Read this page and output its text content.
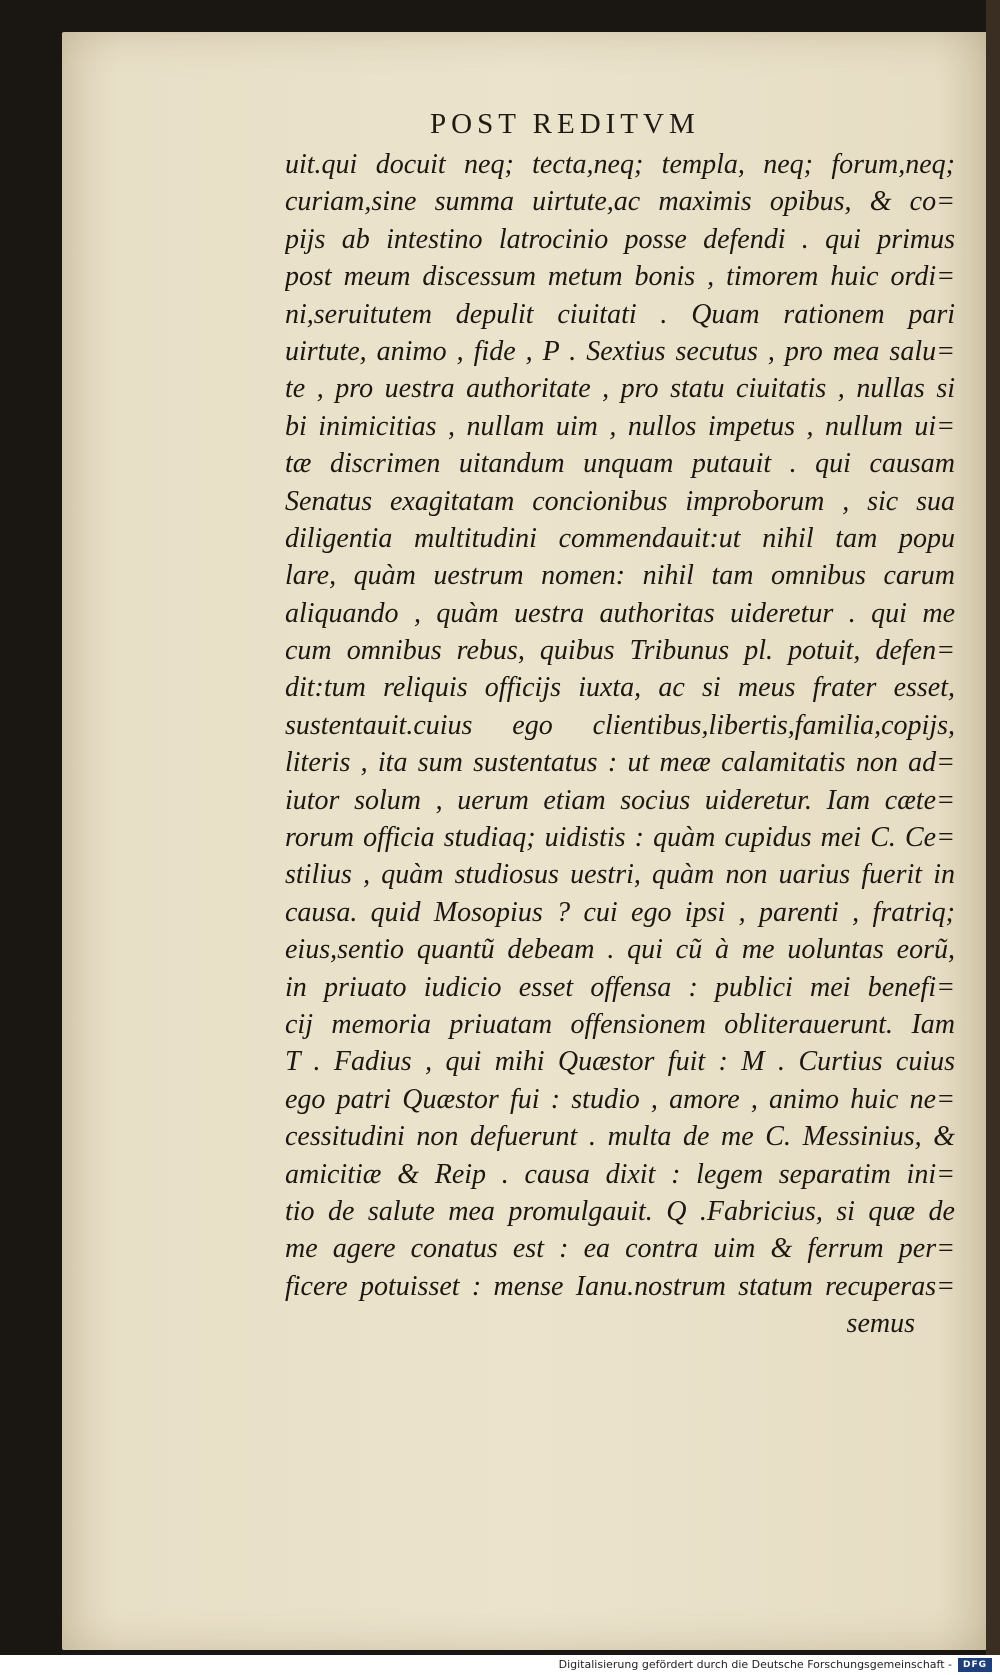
POST REDITVM
uit.qui docuit neq; tecta,neq; templa, neq; forum,neq;
curiam,sine summa uirtute,ac maximis opibus, & co=
pijs ab intestino latrocinio posse defendi . qui primus
post meum discessum metum bonis , timorem huic ordi=
ni,seruitutem depulit ciuitati . Quam rationem pari
uirtute, animo , fide , P . Sextius secutus , pro mea salu=
te , pro uestra authoritate , pro statu ciuitatis , nullas si
bi inimicitias , nullam uim , nullos impetus , nullum ui=
tæ discrimen uitandum unquam putauit . qui causam
Senatus exagitatam concionibus improborum , sic sua
diligentia multitudini commendauit:ut nihil tam popu
lare, quàm uestrum nomen: nihil tam omnibus carum
aliquando , quàm uestra authoritas uideretur . qui me
cum omnibus rebus, quibus Tribunus pl. potuit, defen=
dit:tum reliquis officijs iuxta, ac si meus frater esset,
sustentauit.cuius ego clientibus,libertis,familia,copijs,
literis , ita sum sustentatus : ut meæ calamitatis non ad=
iutor solum , uerum etiam socius uideretur. Iam cæte=
rorum officia studiaq; uidistis : quàm cupidus mei C. Ce=
stilius , quàm studiosus uestri, quàm non uarius fuerit in
causa. quid Mosopius ? cui ego ipsi , parenti , fratriq;
eius,sentio quantũ debeam . qui cũ à me uoluntas eorũ,
in priuato iudicio esset offensa : publici mei benefi=
cij memoria priuatam offensionem obliterauerunt. Iam
T . Fadius , qui mihi Quæstor fuit : M . Curtius cuius
ego patri Quæstor fui : studio , amore , animo huic ne=
cessitudini non defuerunt . multa de me C. Messinius, &
amicitiæ & Reip . causa dixit : legem separatim ini=
tio de salute mea promulgauit. Q .Fabricius, si quæ de
me agere conatus est : ea contra uim & ferrum per=
ficere potuisset : mense Ianu.nostrum statum recuperas=
semus
Digitalisierung gefördert durch die Deutsche Forschungsgemeinschaft -	DFG
